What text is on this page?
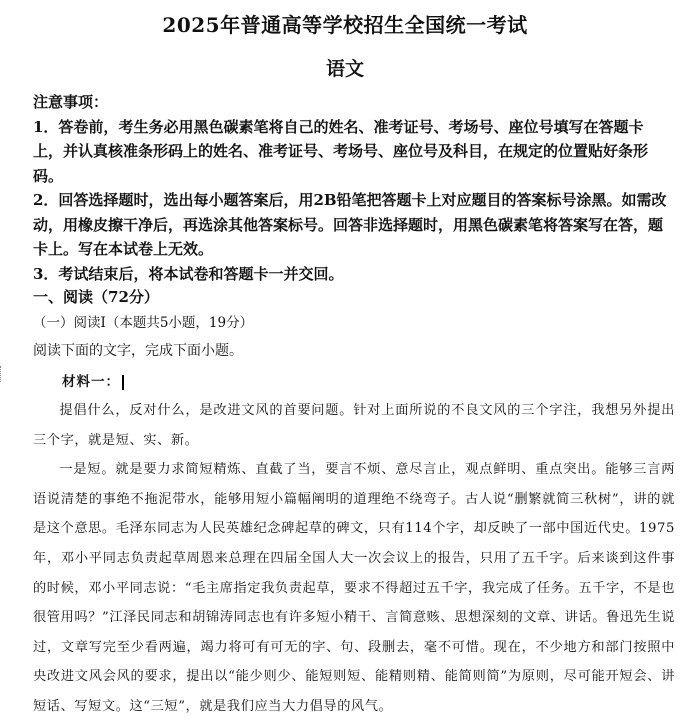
2025年普通高等学校招生全国统一考试
语文

注意事项：

1．答卷前，考生务必用黑色碳素笔将自己的姓名、准考证号、考场号、座位号填写在答题卡上，并认真核准条形码上的姓名、准考证号、考场号、座位号及科目，在规定的位置贴好条形码。

2．回答选择题时，选出每小题答案后，用2B铅笔把答题卡上对应题目的答案标号涂黑。如需改动，用橡皮擦干净后，再选涂其他答案标号。回答非选择题时，用黑色碳素笔将答案写在答，题卡上。写在本试卷上无效。

3．考试结束后，将本试卷和答题卡一并交回。

一、阅读（72分）
（一）阅读Ⅰ（本题共5小题，19分）
阅读下面的文字，完成下面小题。
材料一：

提倡什么，反对什么，是改进文风的首要问题。针对上面所说的不良文风的三个字注，我想另外提出三个字，就是短、实、新。

一是短。就是要力求简短精炼、直截了当，要言不烦、意尽言止，观点鲜明、重点突出。能够三言两语说清楚的事绝不拖泥带水，能够用短小篇幅阐明的道理绝不绕弯子。古人说“删繁就简三秋树”，讲的就是这个意思。毛泽东同志为人民英雄纪念碑起草的碑文，只有114个字，却反映了一部中国近代史。1975年，邓小平同志负责起草周恩来总理在四届全国人大一次会议上的报告，只用了五千字。后来谈到这件事的时候，邓小平同志说：“毛主席指定我负责起草，要求不得超过五千字，我完成了任务。五千字，不是也很管用吗？”江泽民同志和胡锦涛同志也有许多短小精干、言简意赅、思想深刻的文章、讲话。鲁迅先生说过，文章写完至少看两遍，竭力将可有可无的字、句、段删去，毫不可惜。现在，不少地方和部门按照中央改进文风会风的要求，提出以“能少则少、能短则短、能精则精、能简则简”为原则，尽可能开短会、讲短话、写短文。这“三短”，就是我们应当大力倡导的风气。
